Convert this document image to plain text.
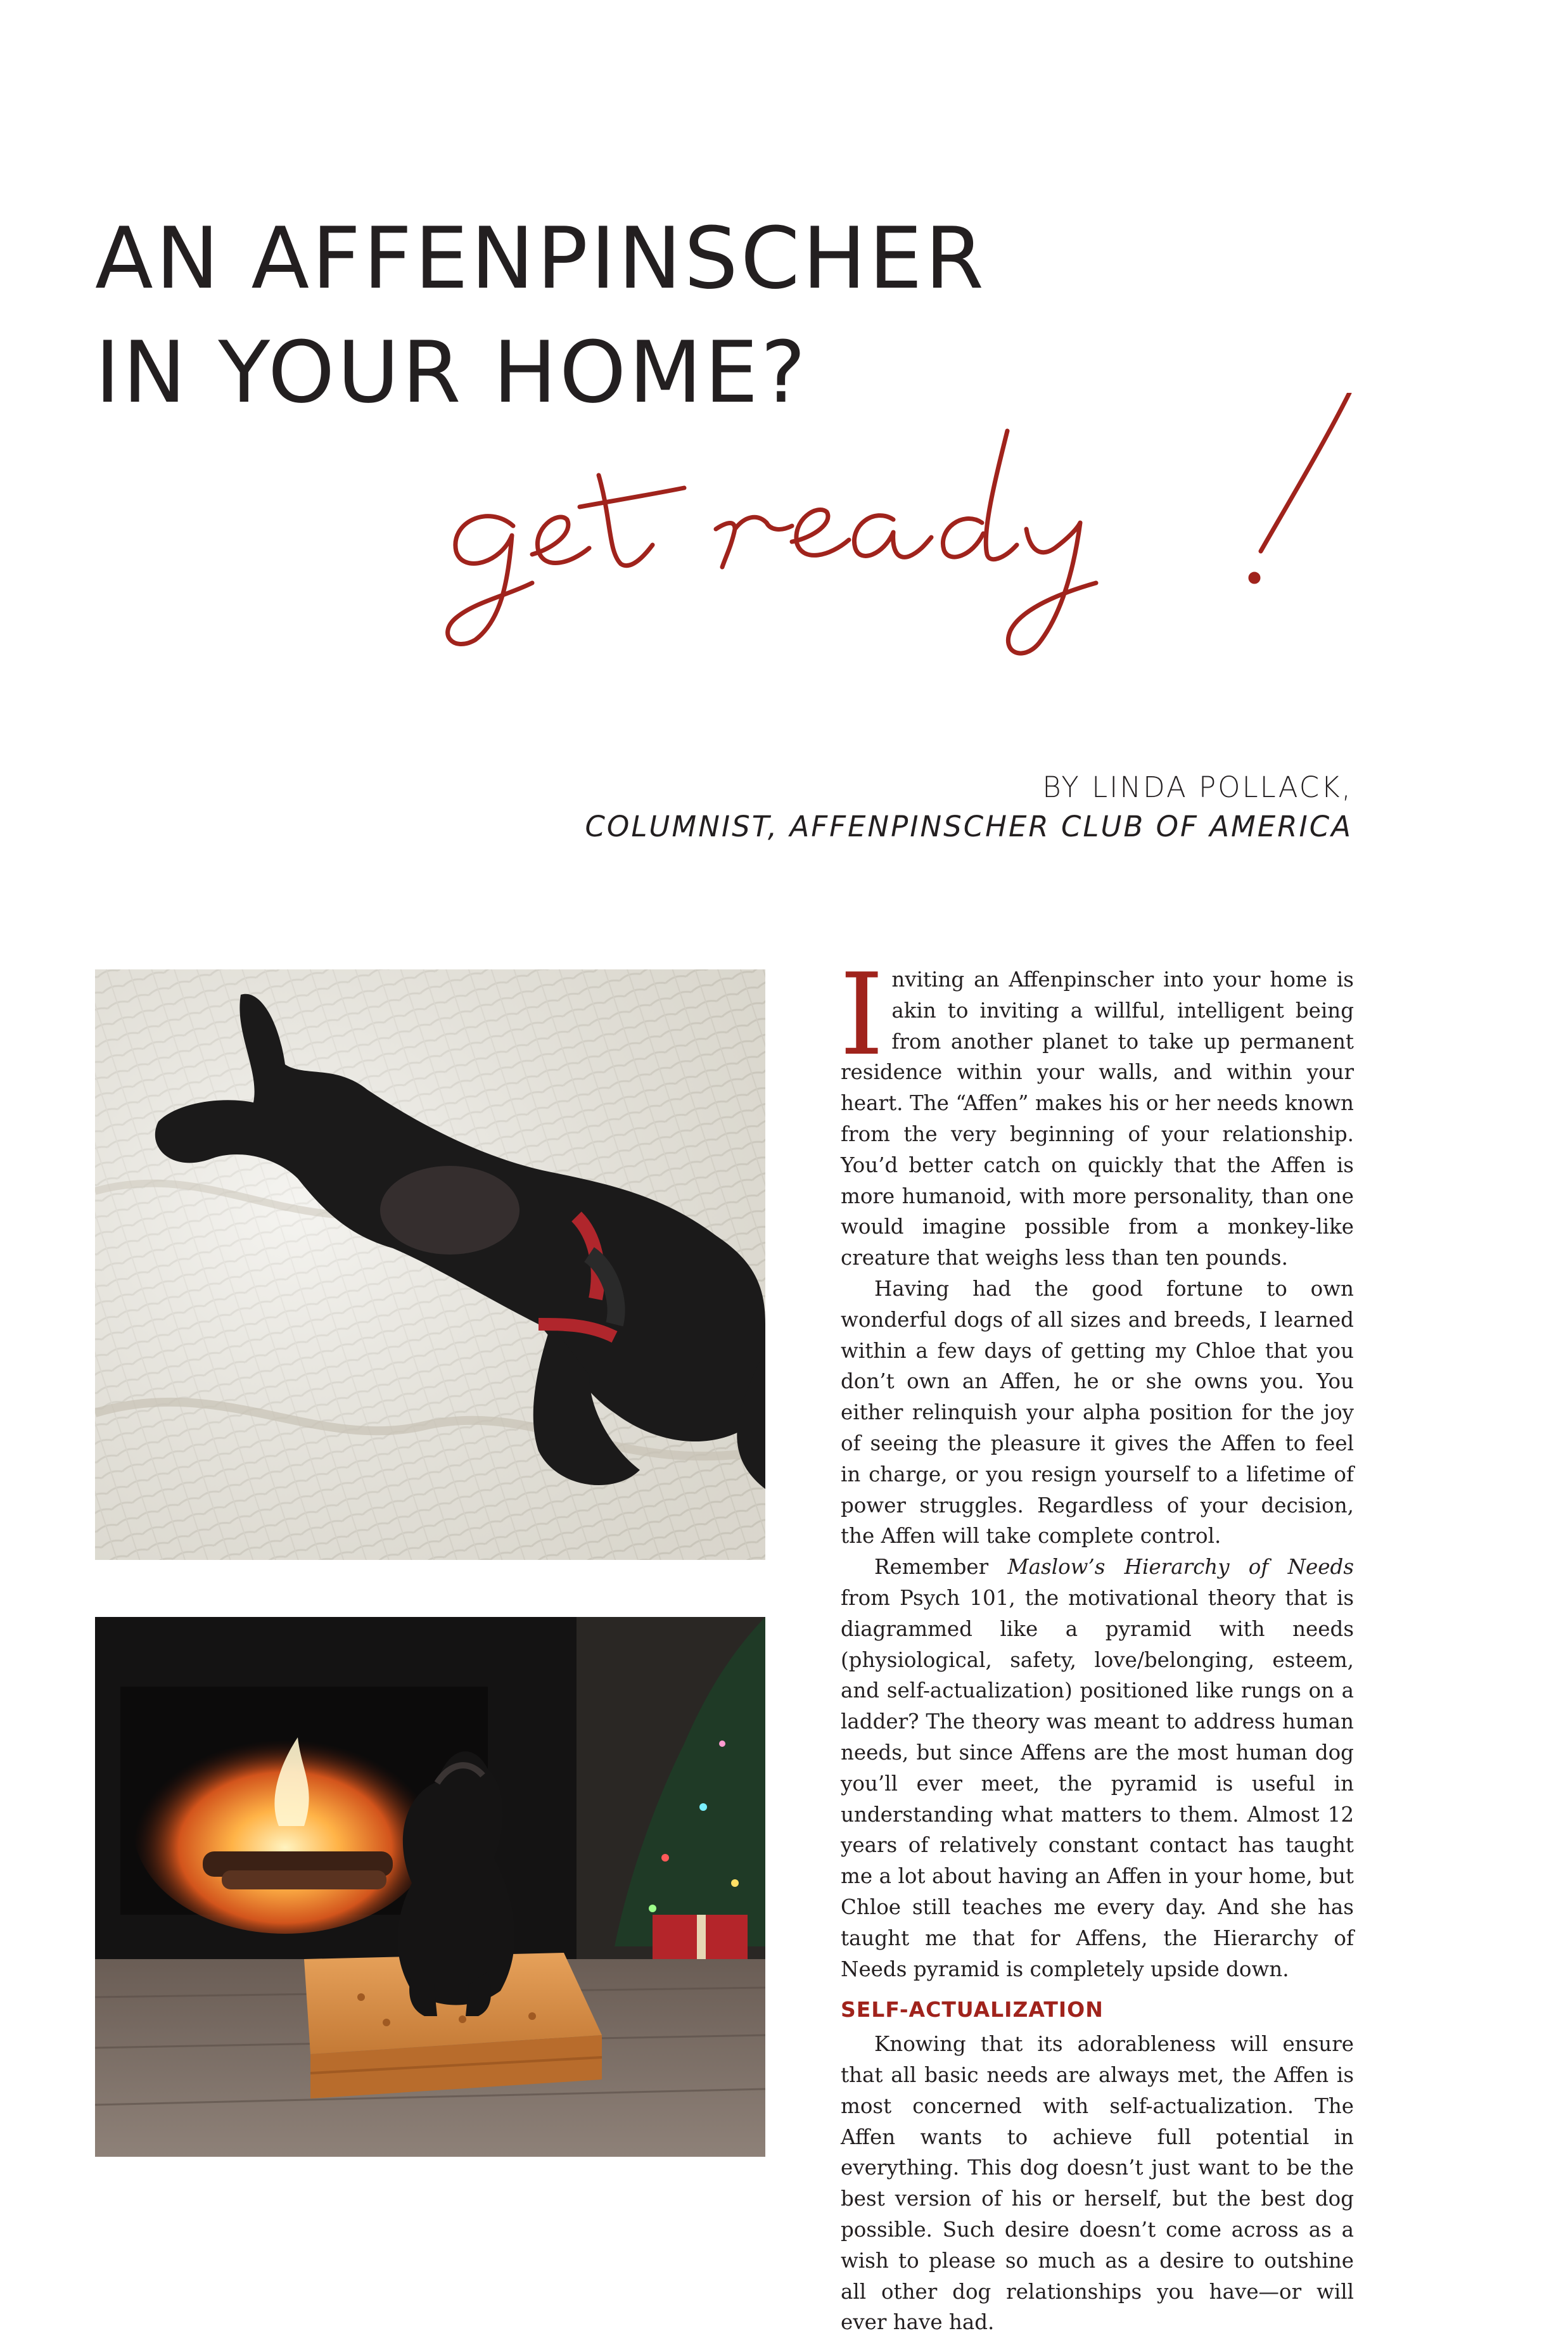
AN AFFENPINSCHER
IN YOUR HOME?
BY LINDA POLLACK,
COLUMNIST, AFFENPINSCHER CLUB OF AMERICA

Inviting an Affenpinscher into your home is akin to inviting a willful, intelligent being from another planet to take up permanent residence within your walls, and within your heart. The “Affen” makes his or her needs known from the very beginning of your relationship. You’d better catch on quickly that the Affen is more humanoid, with more personality, than one would imagine possible from a monkey-like creature that weighs less than ten pounds.

Having had the good fortune to own wonderful dogs of all sizes and breeds, I learned within a few days of getting my Chloe that you don’t own an Affen, he or she owns you. You either relinquish your alpha position for the joy of seeing the pleasure it gives the Affen to feel in charge, or you resign yourself to a lifetime of power struggles. Regardless of your decision, the Affen will take complete control.

Remember Maslow’s Hierarchy of Needs from Psych 101, the motivational theory that is diagrammed like a pyramid with needs (physiological, safety, love/belonging, esteem, and self-actualization) positioned like rungs on a ladder? The theory was meant to address human needs, but since Affens are the most human dog you’ll ever meet, the pyramid is useful in understanding what matters to them. Almost 12 years of relatively constant contact has taught me a lot about having an Affen in your home, but Chloe still teaches me every day. And she has taught me that for Affens, the Hierarchy of Needs pyramid is completely upside down.

SELF-ACTUALIZATION

Knowing that its adorableness will ensure that all basic needs are always met, the Affen is most concerned with self-actualization. The Affen wants to achieve full potential in everything. This dog doesn’t just want to be the best version of his or herself, but the best dog possible. Such desire doesn’t come across as a wish to please so much as a desire to outshine all other dog relationships you have—or will ever have had.
